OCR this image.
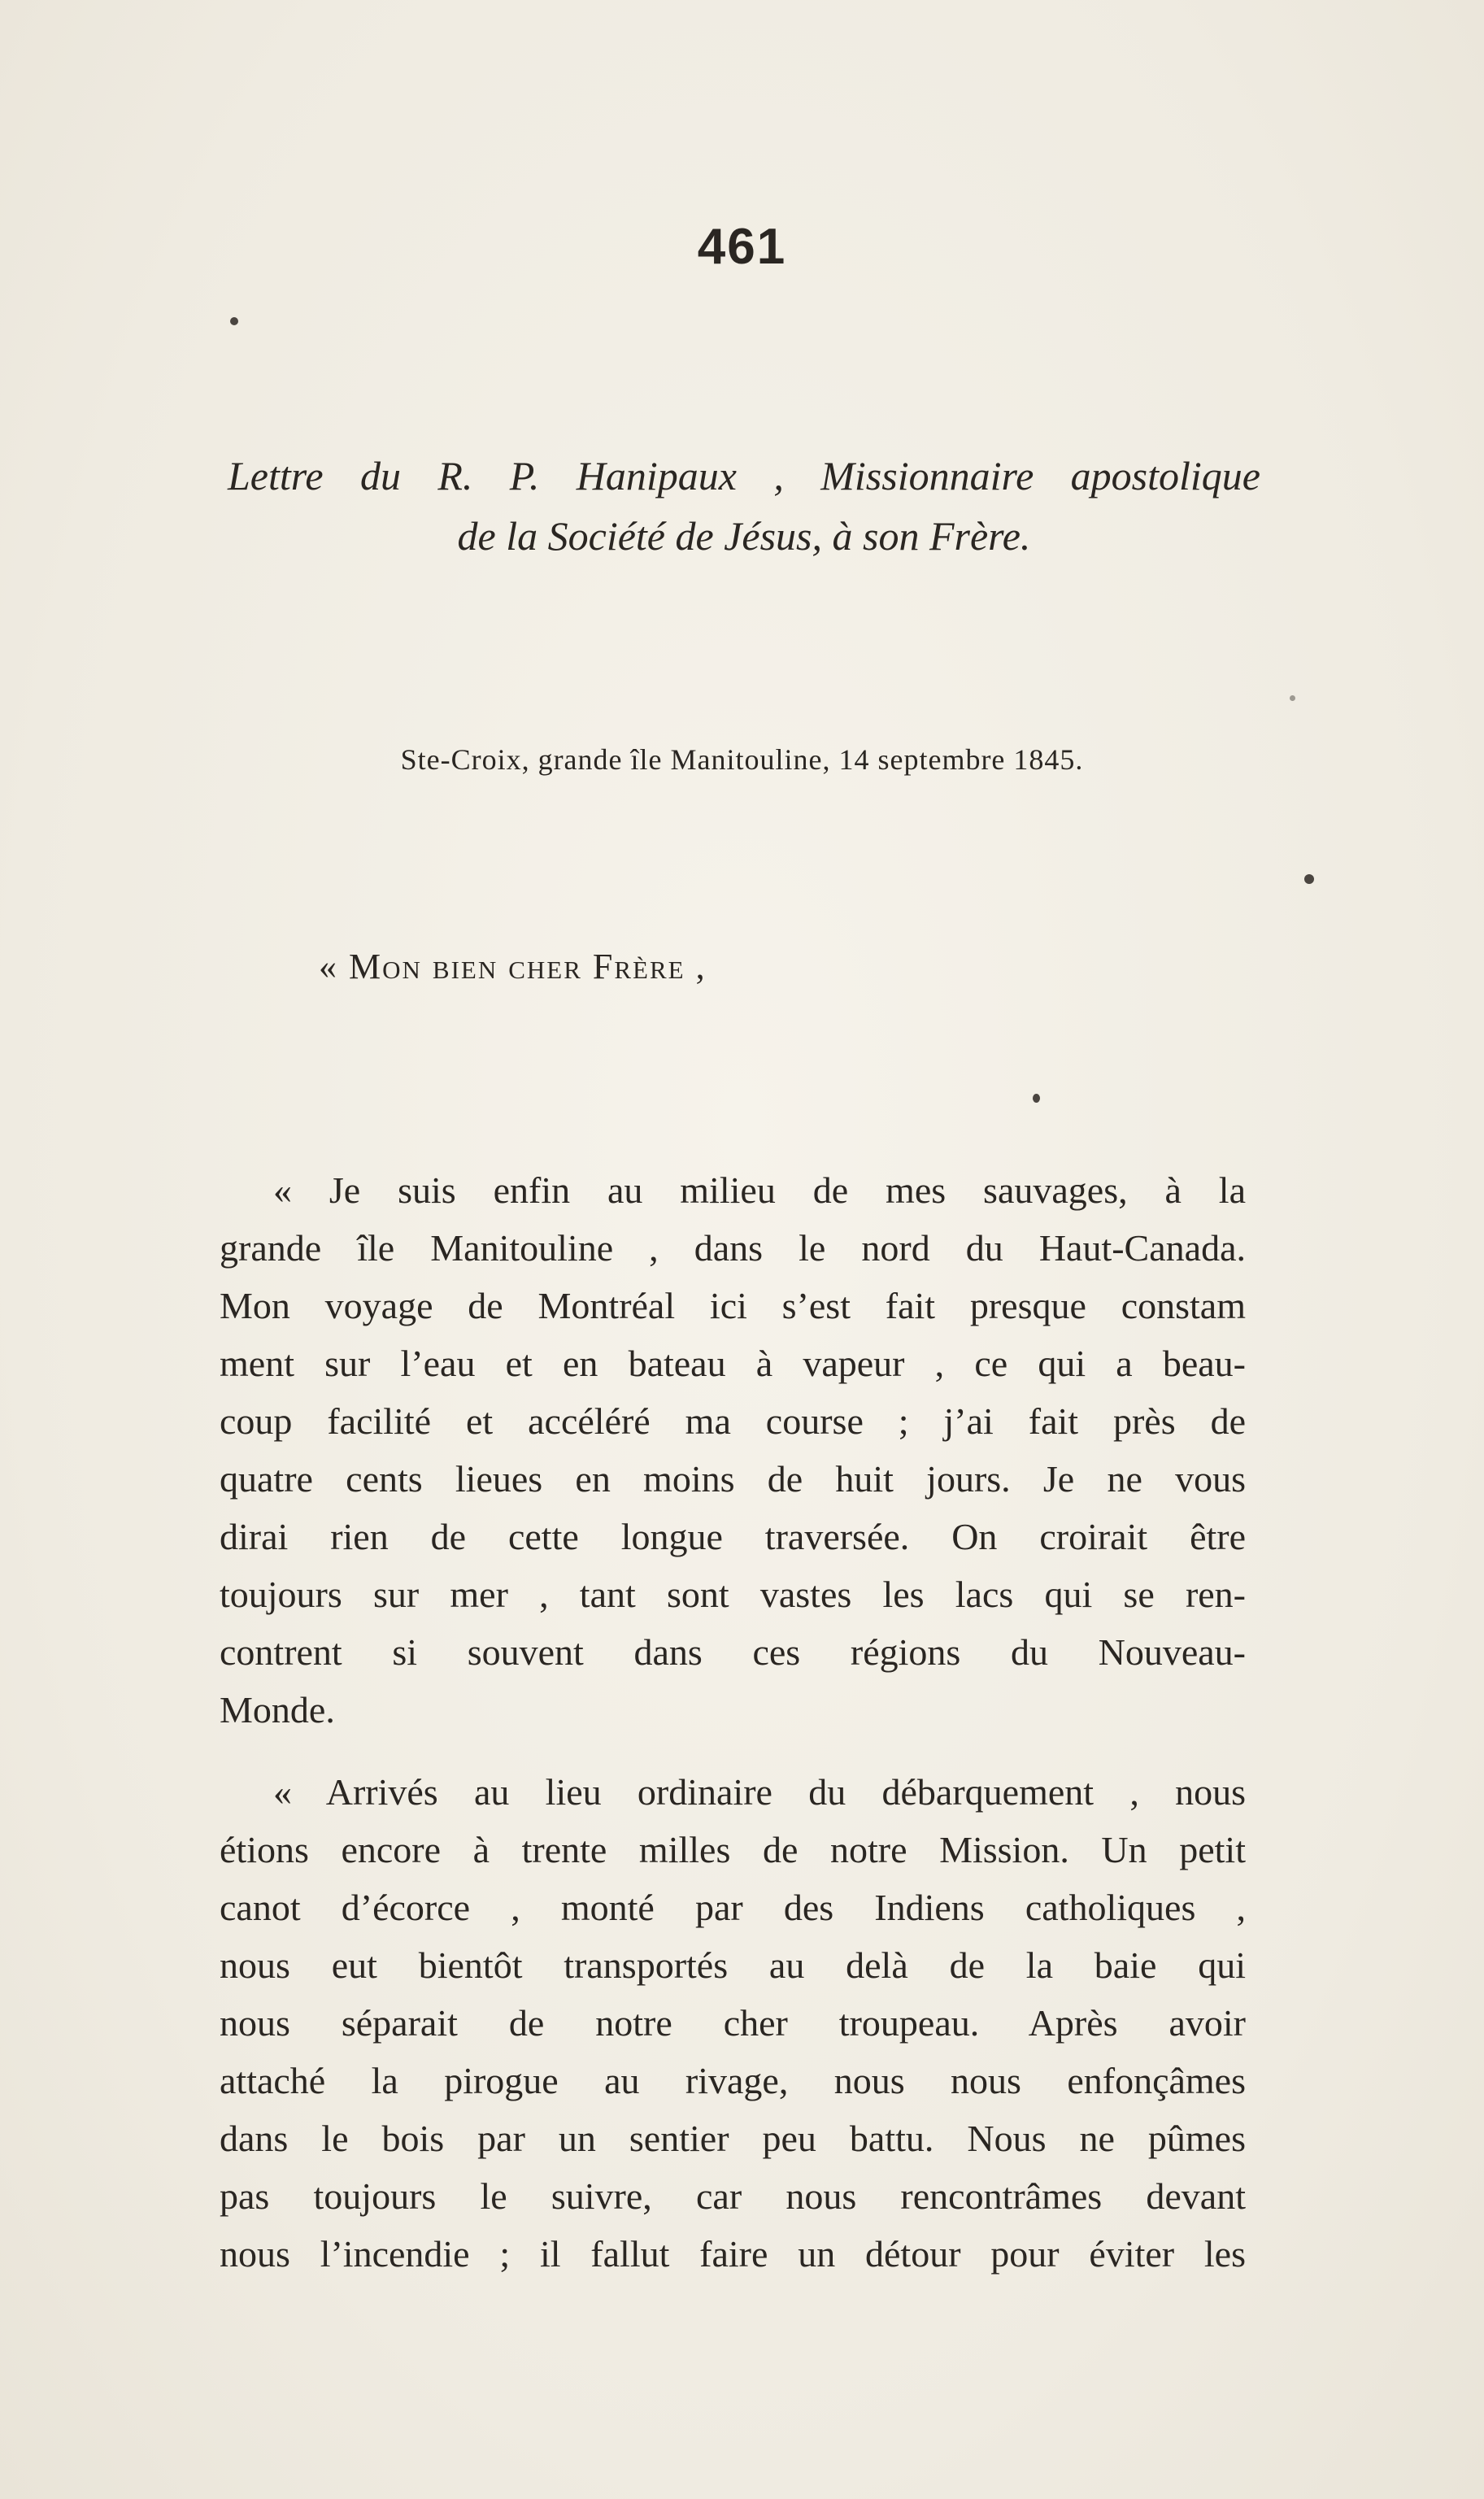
461
Lettre du R. P. Hanipaux , Missionnaire apostolique
de la Société de Jésus, à son Frère.
Ste-Croix, grande île Manitouline, 14 septembre 1845.
« Mon bien cher Frère ,
« Je suis enfin au milieu de mes sauvages, à la
grande île Manitouline , dans le nord du Haut-Canada.
Mon voyage de Montréal ici s’est fait presque constam
ment sur l’eau et en bateau à vapeur , ce qui a beau-
coup facilité et accéléré ma course ; j’ai fait près de
quatre cents lieues en moins de huit jours. Je ne vous
dirai rien de cette longue traversée. On croirait être
toujours sur mer , tant sont vastes les lacs qui se ren-
contrent si souvent dans ces régions du Nouveau-
Monde.
« Arrivés au lieu ordinaire du débarquement , nous
étions encore à trente milles de notre Mission. Un petit
canot d’écorce , monté par des Indiens catholiques ,
nous eut bientôt transportés au delà de la baie qui
nous séparait de notre cher troupeau. Après avoir
attaché la pirogue au rivage, nous nous enfonçâmes
dans le bois par un sentier peu battu. Nous ne pûmes
pas toujours le suivre, car nous rencontrâmes devant
nous l’incendie ; il fallut faire un détour pour éviter les
